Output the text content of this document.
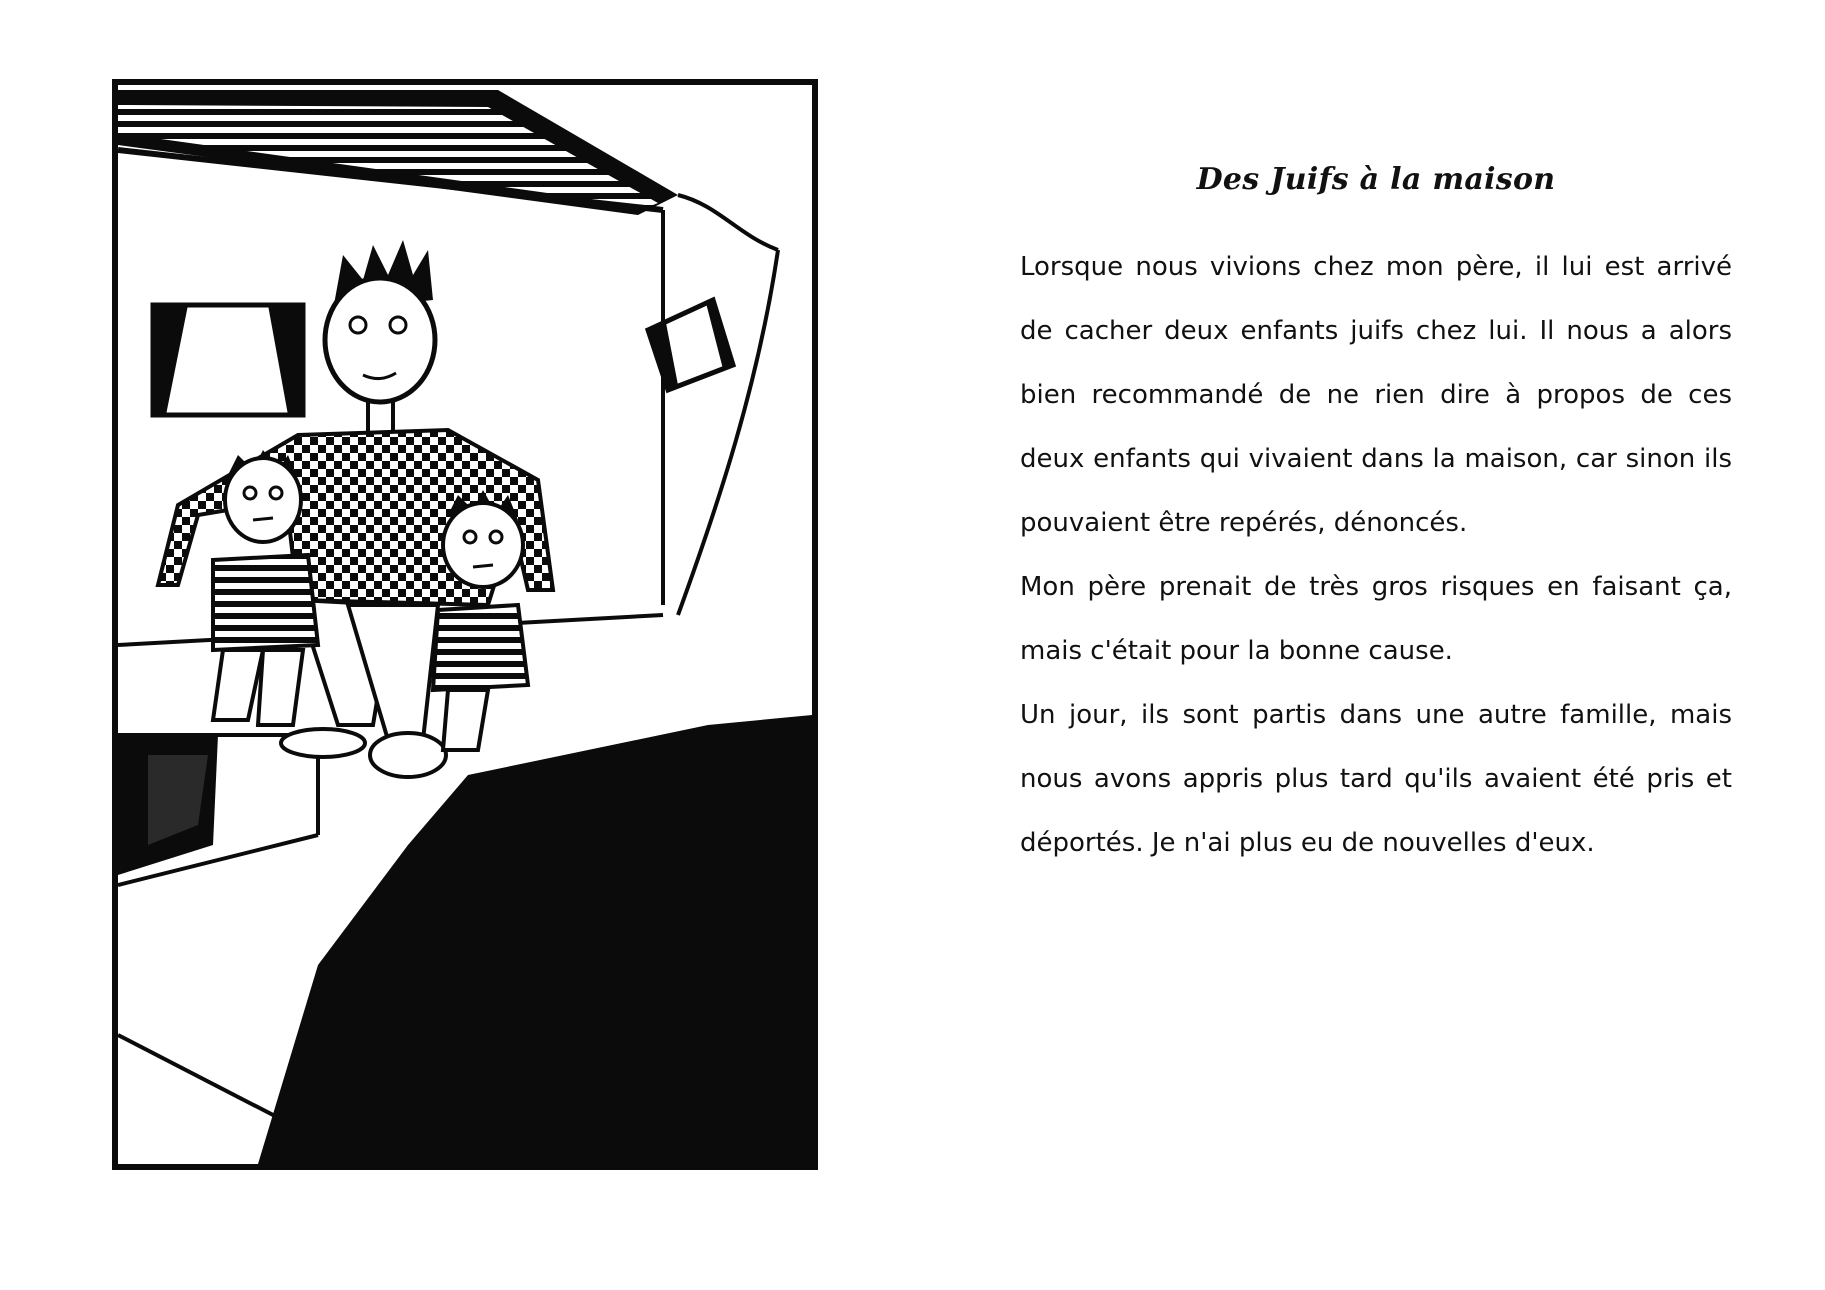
Des Juifs à la maison

Lorsque nous vivions chez mon père, il lui est arrivé de cacher deux enfants juifs chez lui. Il nous a alors bien recommandé de ne rien dire à propos de ces deux enfants qui vivaient dans la maison, car sinon ils pouvaient être repérés, dénoncés.

Mon père prenait de très gros risques en faisant ça, mais c'était pour la bonne cause.

Un jour, ils sont partis dans une autre famille, mais nous avons appris plus tard qu'ils avaient été pris et déportés. Je n'ai plus eu de nouvelles d'eux.
